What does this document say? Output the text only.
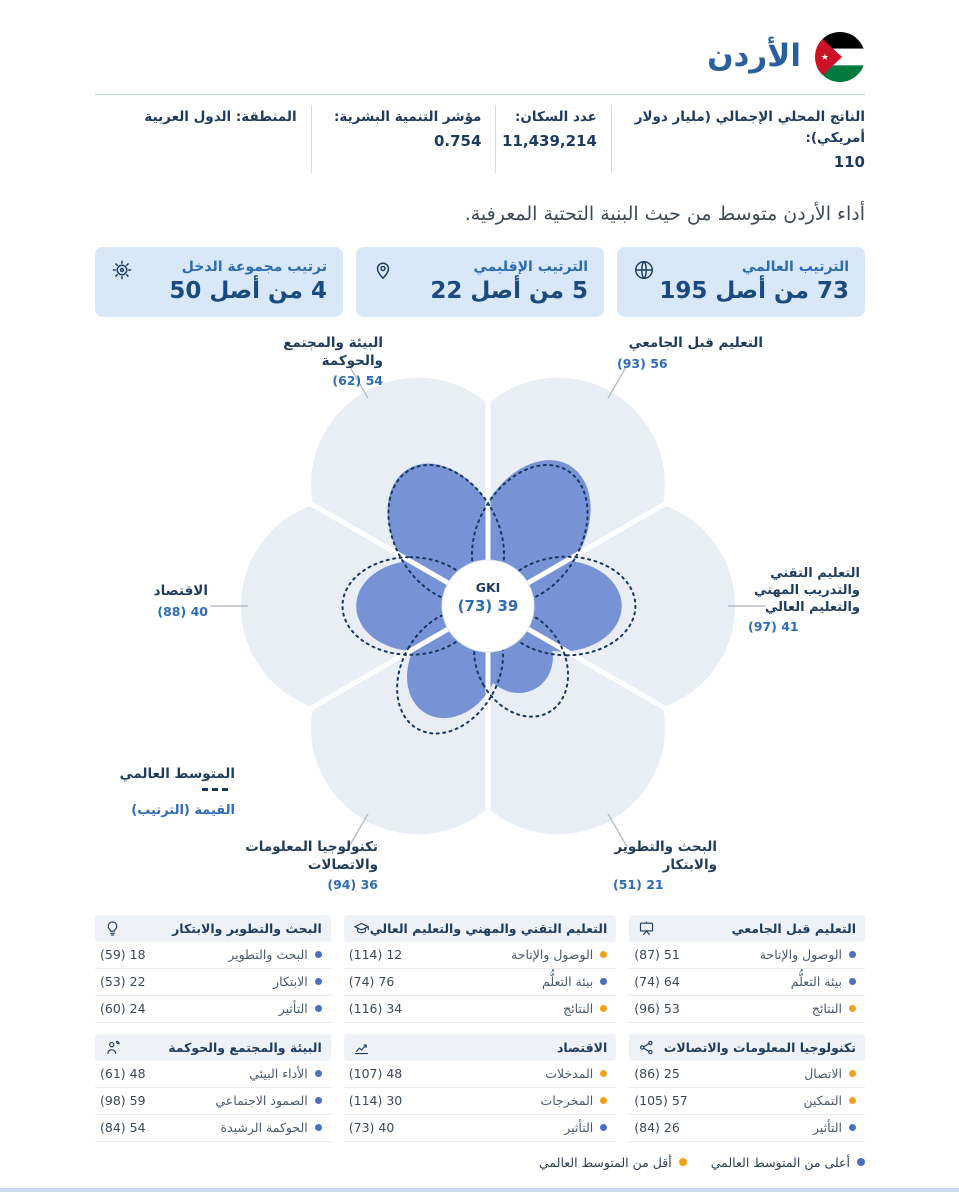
الأردن
الناتج المحلي الإجمالي (مليار دولار أمريكي):
110
عدد السكان:
11,439,214
مؤشر التنمية البشرية:
0.754
المنطقة: الدول العربية
أداء الأردن متوسط من حيث البنية التحتية المعرفية.
الترتيب العالمي
73 من أصل 195
الترتيب الإقليمي
5 من أصل 22
ترتيب مجموعة الدخل
4 من أصل 50
التعليم قبل الجامعي
56 (93)
التعليم التقني والتدريب المهني والتعليم العالي
41 (97)
البحث والتطوير والابتكار
21 (51)
تكنولوجيا المعلومات والاتصالات
36 (94)
الاقتصاد
40 (88)
البيئة والمجتمع والحوكمة
54 (62)
GKI
39 (73)
المتوسط العالمي
القيمة (الترتيب)
التعليم قبل الجامعي
الوصول والإتاحة
51 (87)
بيئة التعلُّم
64 (74)
النتائج
53 (96)
التعليم التقني والمهني والتعليم العالي
الوصول والإتاحة
12 (114)
بيئة التعلُّم
76 (74)
النتائج
34 (116)
البحث والتطوير والابتكار
البحث والتطوير
18 (59)
الابتكار
22 (53)
التأثير
24 (60)
تكنولوجيا المعلومات والاتصالات
الاتصال
25 (86)
التمكين
57 (105)
التأثير
26 (84)
الاقتصاد
المدخلات
48 (107)
المخرجات
30 (114)
التأثير
40 (73)
البيئة والمجتمع والحوكمة
الأداء البيئي
48 (61)
الصمود الاجتماعي
59 (98)
الحوكمة الرشيدة
54 (84)
أعلى من المتوسط العالمي
أقل من المتوسط العالمي
